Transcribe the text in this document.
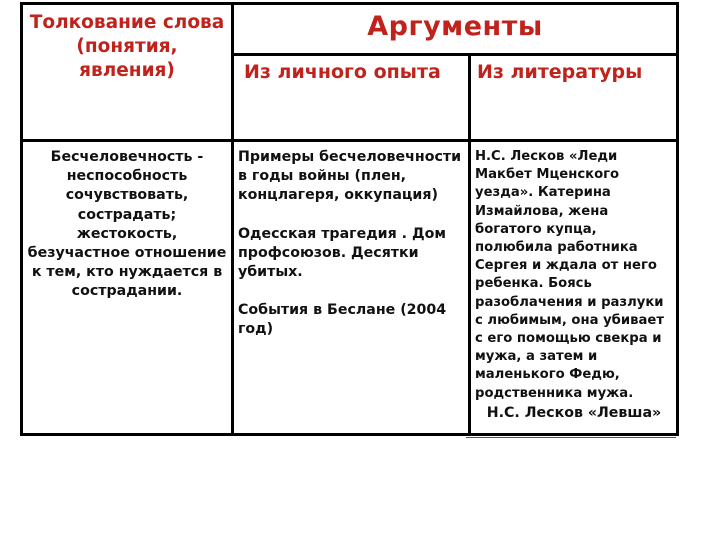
Толкование слова (понятия, явления)
Аргументы
Из личного опыта	Из литературы
Бесчеловечность - неспособность сочувствовать, сострадать; жестокость, безучастное отношение к тем, кто нуждается в сострадании.

Примеры бесчеловечности в годы войны (плен, концлагеря, оккупация)

Одесская трагедия . Дом профсоюзов. Десятки убитых.

События в Беслане (2004 год)

Н.С. Лесков «Леди Макбет Мценского уезда». Катерина Измайлова, жена богатого купца, полюбила работника Сергея и ждала от него ребенка. Боясь разоблачения и разлуки с любимым, она убивает с его помощью свекра и мужа, а затем и маленького Федю, родственника мужа.
Н.С. Лесков «Левша»
